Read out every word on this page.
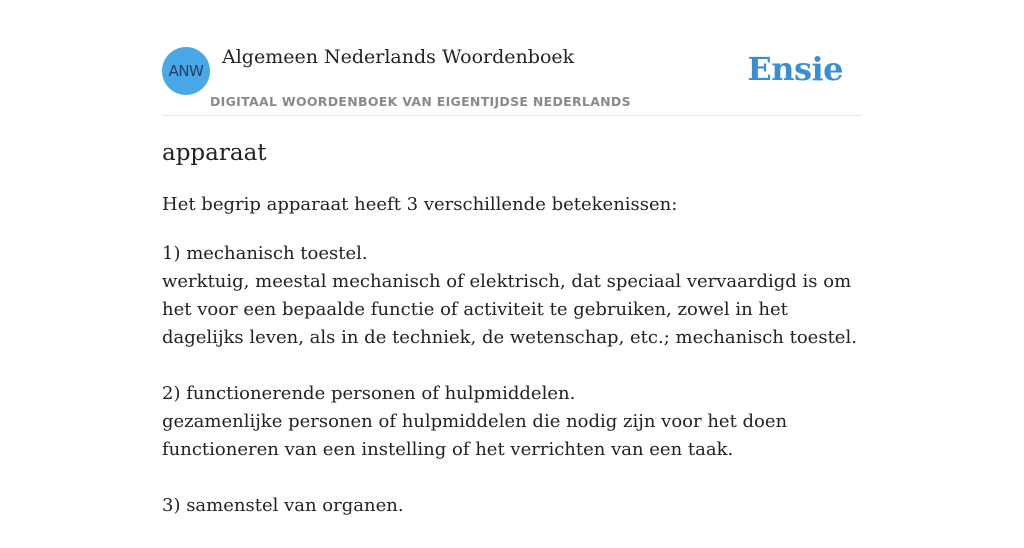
ANW
Algemeen Nederlands Woordenboek
DIGITAAL WOORDENBOEK VAN EIGENTIJDSE NEDERLANDS
Ensie
apparaat

Het begrip apparaat heeft 3 verschillende betekenissen:

1) mechanisch toestel.

werktuig, meestal mechanisch of elektrisch, dat speciaal vervaardigd is om het voor een bepaalde functie of activiteit te gebruiken, zowel in het dagelijks leven, als in de techniek, de wetenschap, etc.; mechanisch toestel.

2) functionerende personen of hulpmiddelen.

gezamenlijke personen of hulpmiddelen die nodig zijn voor het doen functioneren van een instelling of het verrichten van een taak.

3) samenstel van organen.
